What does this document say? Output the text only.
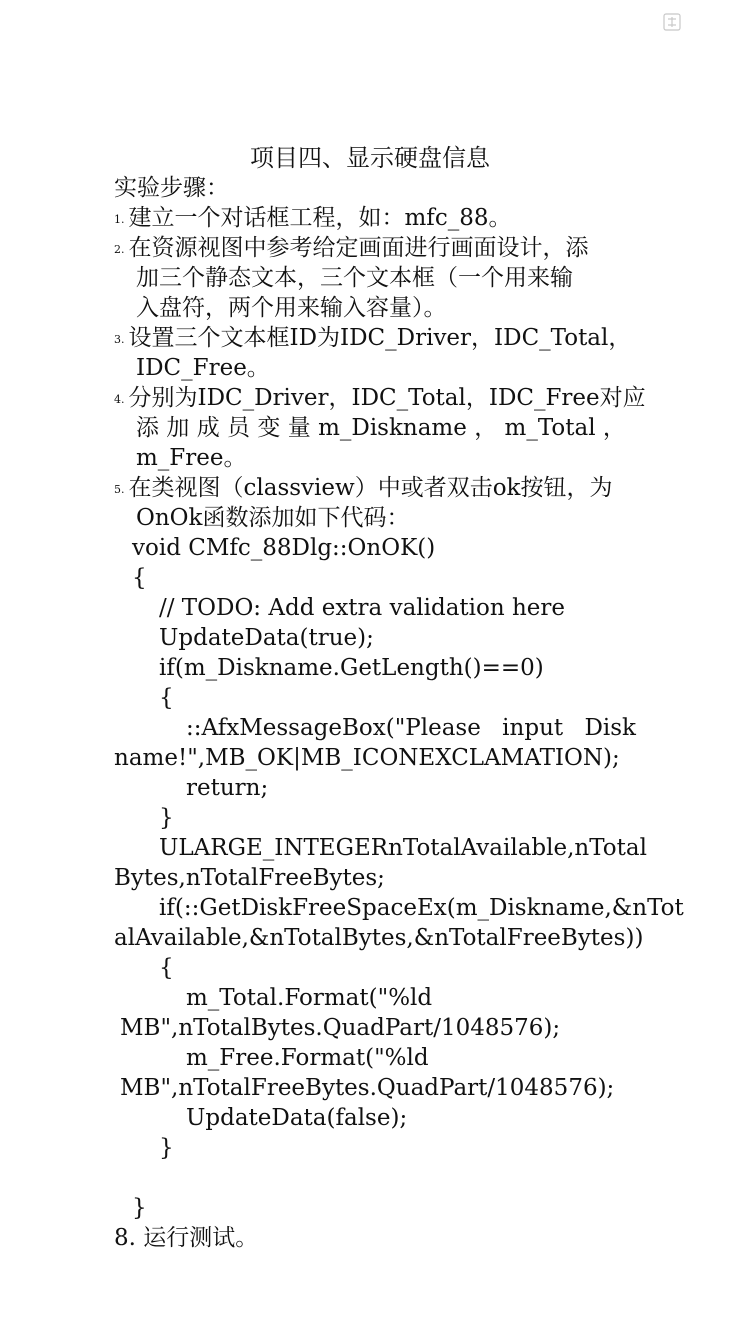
项目四、显示硬盘信息
实验步骤：
1. 建立一个对话框工程，如：mfc_88。
2. 在资源视图中参考给定画面进行画面设计，添
加三个静态文本，三个文本框（一个用来输
入盘符，两个用来输入容量）。
3. 设置三个文本框ID为IDC_Driver，IDC_Total，
IDC_Free。
4. 分别为IDC_Driver，IDC_Total，IDC_Free对应
添 加 成 员 变 量 m_Diskname ， m_Total ，
m_Free。
5. 在类视图（classview）中或者双击ok按钮，为
OnOk函数添加如下代码：
void CMfc_88Dlg::OnOK()
{
// TODO: Add extra validation here
UpdateData(true);
if(m_Diskname.GetLength()==0)
{
::AfxMessageBox("Please input Disk
name!",MB_OK|MB_ICONEXCLAMATION);
return;
}
ULARGE_INTEGER nTotalAvailable,nTotal
Bytes,nTotalFreeBytes;
if(::GetDiskFreeSpaceEx(m_Diskname,&nTot
alAvailable,&nTotalBytes,&nTotalFreeBytes))
{
m_Total.Format("%ld
MB",nTotalBytes.QuadPart/1048576);
m_Free.Format("%ld
MB",nTotalFreeBytes.QuadPart/1048576);
UpdateData(false);
}
}
8. 运行测试。
